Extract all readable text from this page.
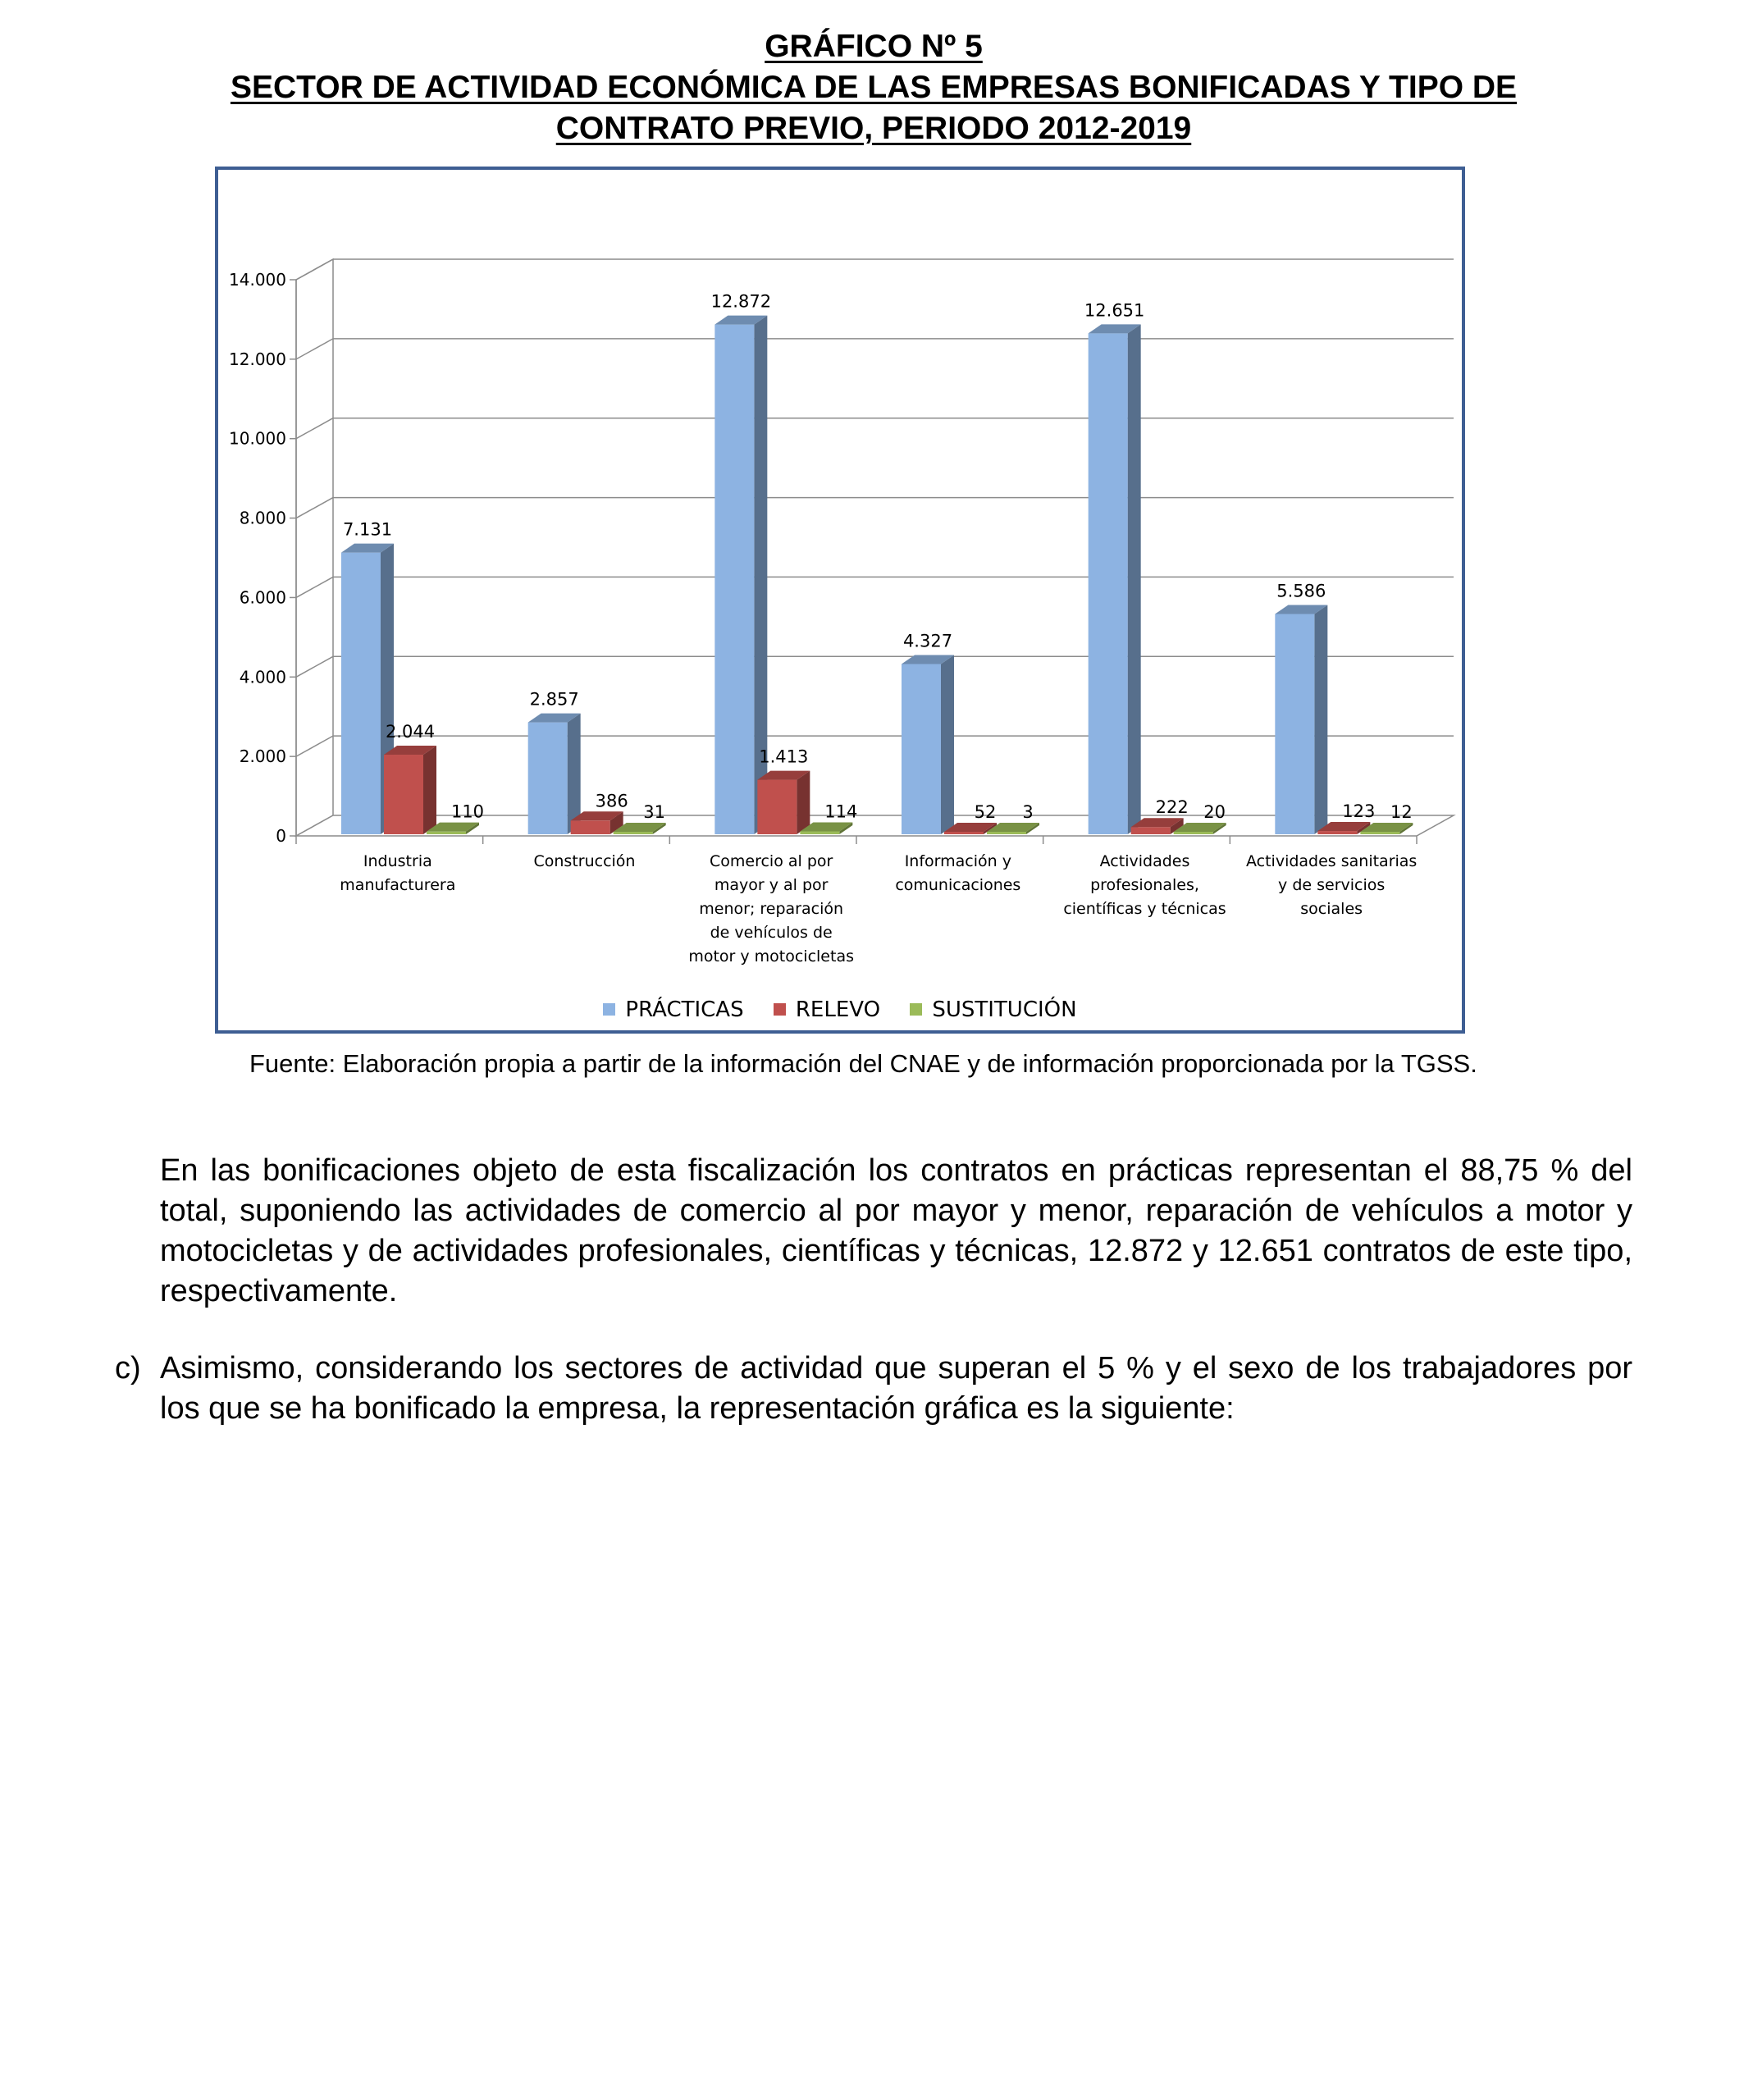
GRÁFICO Nº 5
SECTOR DE ACTIVIDAD ECONÓMICA DE LAS EMPRESAS BONIFICADAS Y TIPO DE
CONTRATO PREVIO, PERIODO 2012-2019
0
2.000
4.000
6.000
8.000
10.000
12.000
14.000
7.131
2.044
110
Industria
manufacturera
2.857
386
31
Construcción
12.872
1.413
114
Comercio al por
mayor y al por
menor; reparación
de vehículos de
motor y motocicletas
4.327
52 3
Información y
comunicaciones
12.651
222 20
Actividades
profesionales,
científicas y técnicas
5.586
123 12
Actividades sanitarias
y de servicios
sociales
PRÁCTICAS
RELEVO
SUSTITUCIÓN
Fuente: Elaboración propia a partir de la información del CNAE y de información proporcionada por la TGSS.
En las bonificaciones objeto de esta fiscalización los contratos en prácticas representan el 88,75 % del total, suponiendo las actividades de comercio al por mayor y menor, reparación de vehículos a motor y motocicletas y de actividades profesionales, científicas y técnicas, 12.872 y 12.651 contratos de este tipo, respectivamente.
c) Asimismo, considerando los sectores de actividad que superan el 5 % y el sexo de los trabajadores por los que se ha bonificado la empresa, la representación gráfica es la siguiente:
